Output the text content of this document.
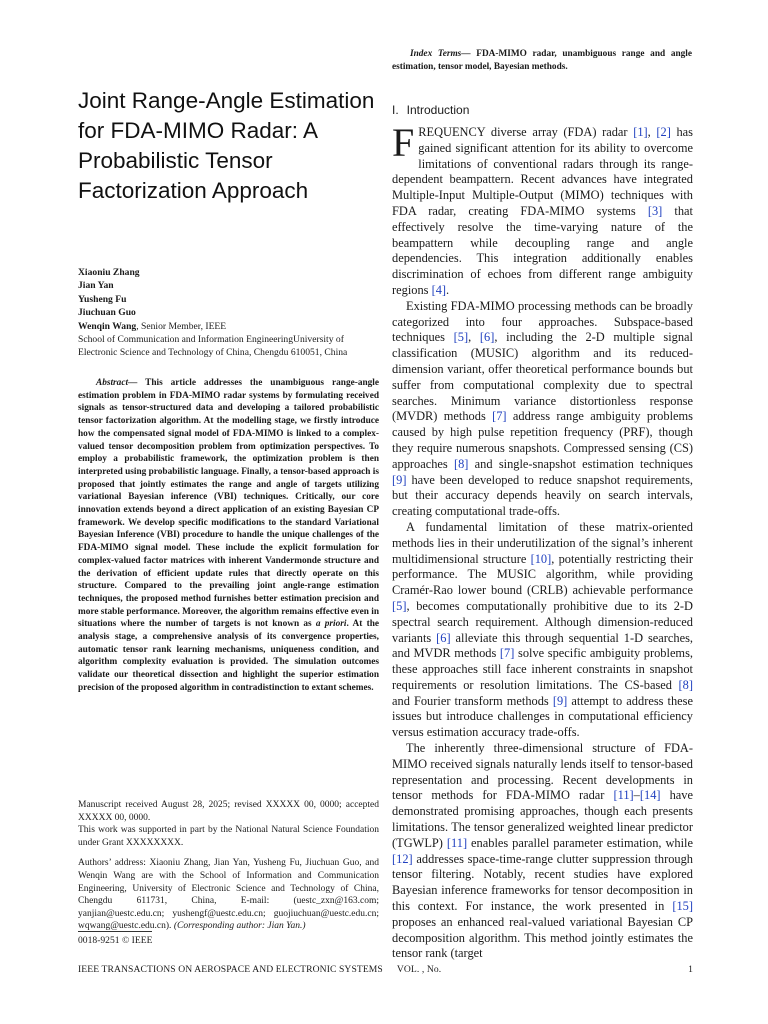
Joint Range-Angle Estimation for FDA-MIMO Radar: A Probabilistic Tensor Factorization Approach
Xiaoniu Zhang
Jian Yan
Yusheng Fu
Jiuchuan Guo
Wenqin Wang, Senior Member, IEEE
School of Communication and Information EngineeringUniversity of Electronic Science and Technology of China, Chengdu 610051, China
Abstract— This article addresses the unambiguous range-angle estimation problem in FDA-MIMO radar systems by formulating received signals as tensor-structured data and developing a tailored probabilistic tensor factorization algorithm. At the modelling stage, we firstly introduce how the compensated signal model of FDA-MIMO is linked to a complex-valued tensor decomposition problem from optimization perspectives. To employ a probabilistic framework, the optimization problem is then interpreted using probabilistic language. Finally, a tensor-based approach is proposed that jointly estimates the range and angle of targets utilizing variational Bayesian inference (VBI) techniques. Critically, our core innovation extends beyond a direct application of an existing Bayesian CP framework. We develop specific modifications to the standard Variational Bayesian Inference (VBI) procedure to handle the unique challenges of the FDA-MIMO signal model. These include the explicit formulation for complex-valued factor matrices with inherent Vandermonde structure and the derivation of efficient update rules that directly operate on this structure. Compared to the prevailing joint angle-range estimation techniques, the proposed method furnishes better estimation precision and more stable performance. Moreover, the algorithm remains effective even in situations where the number of targets is not known as a priori. At the analysis stage, a comprehensive analysis of its convergence properties, automatic tensor rank learning mechanisms, uniqueness condition, and algorithm complexity evaluation is provided. The simulation outcomes validate our theoretical dissection and highlight the superior estimation precision of the proposed algorithm in contradistinction to extant schemes.

Manuscript received August 28, 2025; revised XXXXX 00, 0000; accepted XXXXX 00, 0000.

This work was supported in part by the National Natural Science Foundation under Grant XXXXXXXX.

Authors’ address: Xiaoniu Zhang, Jian Yan, Yusheng Fu, Jiuchuan Guo, and Wenqin Wang are with the School of Information and Communication Engineering, University of Electronic Science and Technology of China, Chengdu 611731, China, E-mail: (uestc_zxn@163.com; yanjian@uestc.edu.cn; yushengf@uestc.edu.cn; guojiuchuan@uestc.edu.cn; wqwang@uestc.edu.cn). (Corresponding author: Jian Yan.)

0018-9251 © IEEE
Index Terms— FDA-MIMO radar, unambiguous range and angle estimation, tensor model, Bayesian methods.
I. Introduction

FREQUENCY diverse array (FDA) radar [1], [2] has gained significant attention for its ability to overcome limitations of conventional radars through its range-dependent beampattern. Recent advances have integrated Multiple-Input Multiple-Output (MIMO) techniques with FDA radar, creating FDA-MIMO systems [3] that effectively resolve the time-varying nature of the beampattern while decoupling range and angle dependencies. This integration additionally enables discrimination of echoes from different range ambiguity regions [4].

Existing FDA-MIMO processing methods can be broadly categorized into four approaches. Subspace-based techniques [5], [6], including the 2-D multiple signal classification (MUSIC) algorithm and its reduced-dimension variant, offer theoretical performance bounds but suffer from computational complexity due to spectral searches. Minimum variance distortionless response (MVDR) methods [7] address range ambiguity problems caused by high pulse repetition frequency (PRF), though they require numerous snapshots. Compressed sensing (CS) approaches [8] and single-snapshot estimation techniques [9] have been developed to reduce snapshot requirements, but their accuracy depends heavily on search intervals, creating computational trade-offs.

A fundamental limitation of these matrix-oriented methods lies in their underutilization of the signal’s inherent multidimensional structure [10], potentially restricting their performance. The MUSIC algorithm, while providing Cramér-Rao lower bound (CRLB) achievable performance [5], becomes computationally prohibitive due to its 2-D spectral search requirement. Although dimension-reduced variants [6] alleviate this through sequential 1-D searches, and MVDR methods [7] solve specific ambiguity problems, these approaches still face inherent constraints in snapshot requirements or resolution limitations. The CS-based [8] and Fourier transform methods [9] attempt to address these issues but introduce challenges in computational efficiency versus estimation accuracy trade-offs.

The inherently three-dimensional structure of FDA-MIMO received signals naturally lends itself to tensor-based representation and processing. Recent developments in tensor methods for FDA-MIMO radar [11]–[14] have demonstrated promising approaches, though each presents limitations. The tensor generalized weighted linear predictor (TGWLP) [11] enables parallel parameter estimation, while [12] addresses space-time-range clutter suppression through tensor filtering. Notably, recent studies have explored Bayesian inference frameworks for tensor decomposition in this context. For instance, the work presented in [15] proposes an enhanced real-valued variational Bayesian CP decomposition algorithm. This method jointly estimates the tensor rank (target

IEEE TRANSACTIONS ON AEROSPACE AND ELECTRONIC SYSTEMS VOL. , No.	1
